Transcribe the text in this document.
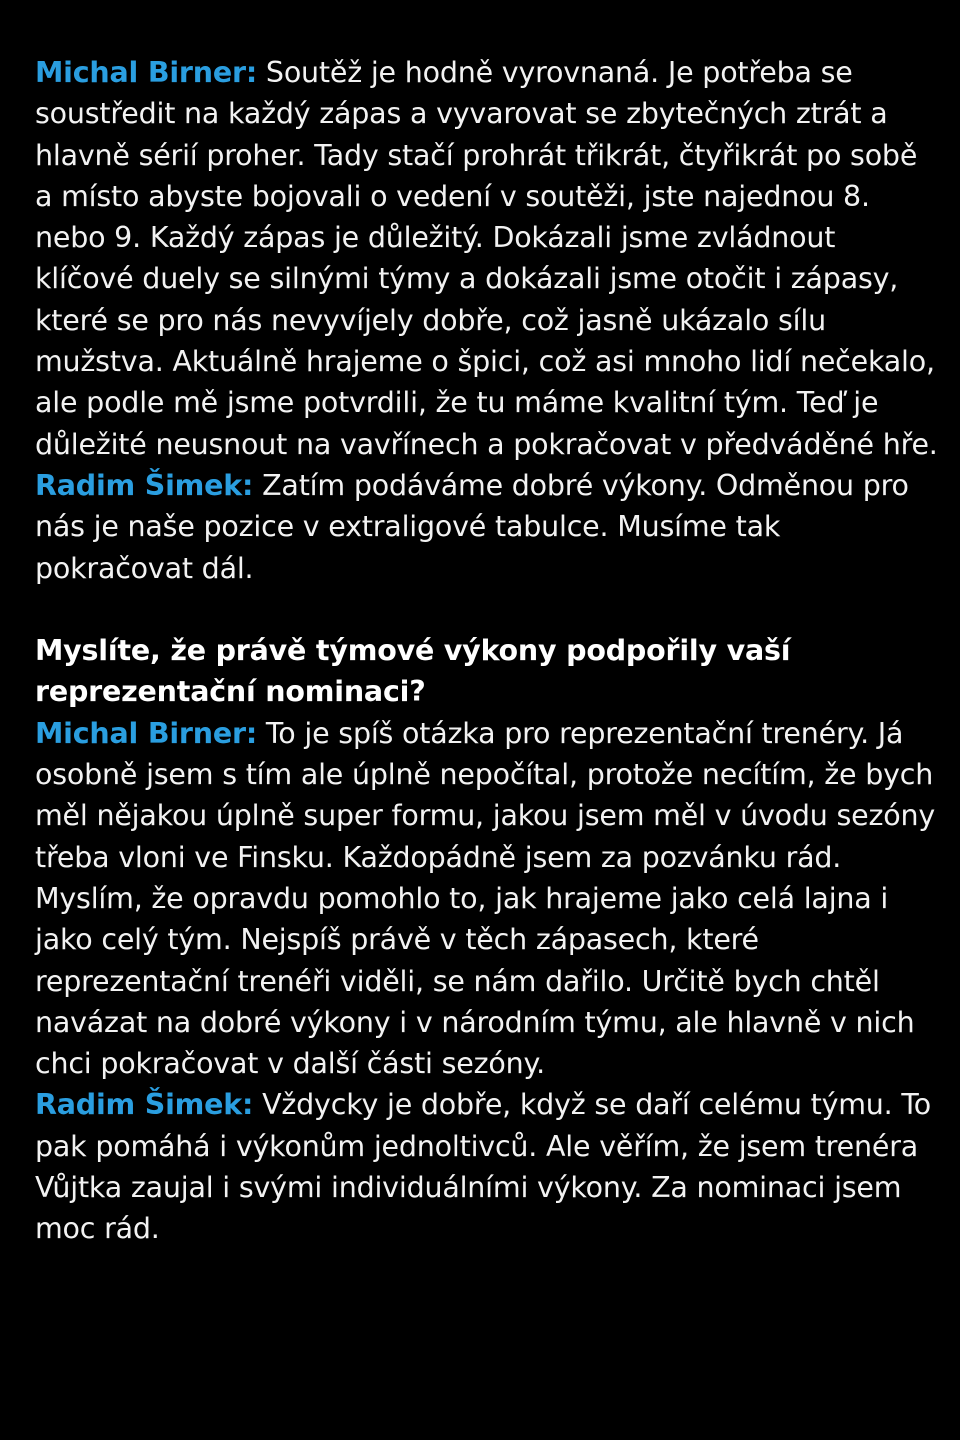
Michal Birner: Soutěž je hodně vyrovnaná. Je potřeba se soustředit na každý zápas a vyvarovat se zbytečných ztrát a hlavně sérií proher. Tady stačí prohrát třikrát, čtyřikrát po sobě a místo abyste bojovali o vedení v soutěži, jste najednou 8. nebo 9. Každý zápas je důležitý. Dokázali jsme zvládnout klíčové duely se silnými týmy a dokázali jsme otočit i zápasy, které se pro nás nevyvíjely dobře, což jasně ukázalo sílu mužstva. Aktuálně hrajeme o špici, což asi mnoho lidí nečekalo, ale podle mě jsme potvrdili, že tu máme kvalitní tým. Teď je důležité neusnout na vavřínech a pokračovat v předváděné hře.

Radim Šimek: Zatím podáváme dobré výkony. Odměnou pro nás je naše pozice v extraligové tabulce. Musíme tak pokračovat dál.

Myslíte, že právě týmové výkony podpořily vaší reprezentační nominaci?

Michal Birner: To je spíš otázka pro reprezentační trenéry. Já osobně jsem s tím ale úplně nepočítal, protože necítím, že bych měl nějakou úplně super formu, jakou jsem měl v úvodu sezóny třeba vloni ve Finsku. Každopádně jsem za pozvánku rád. Myslím, že opravdu pomohlo to, jak hrajeme jako celá lajna i jako celý tým. Nejspíš právě v těch zápasech, které reprezentační trenéři viděli, se nám dařilo. Určitě bych chtěl navázat na dobré výkony i v národním týmu, ale hlavně v nich chci pokračovat v další části sezóny.

Radim Šimek: Vždycky je dobře, když se daří celému týmu. To pak pomáhá i výkonům jednoltivců. Ale věřím, že jsem trenéra Vůjtka zaujal i svými individuálními výkony. Za nominaci jsem moc rád.
